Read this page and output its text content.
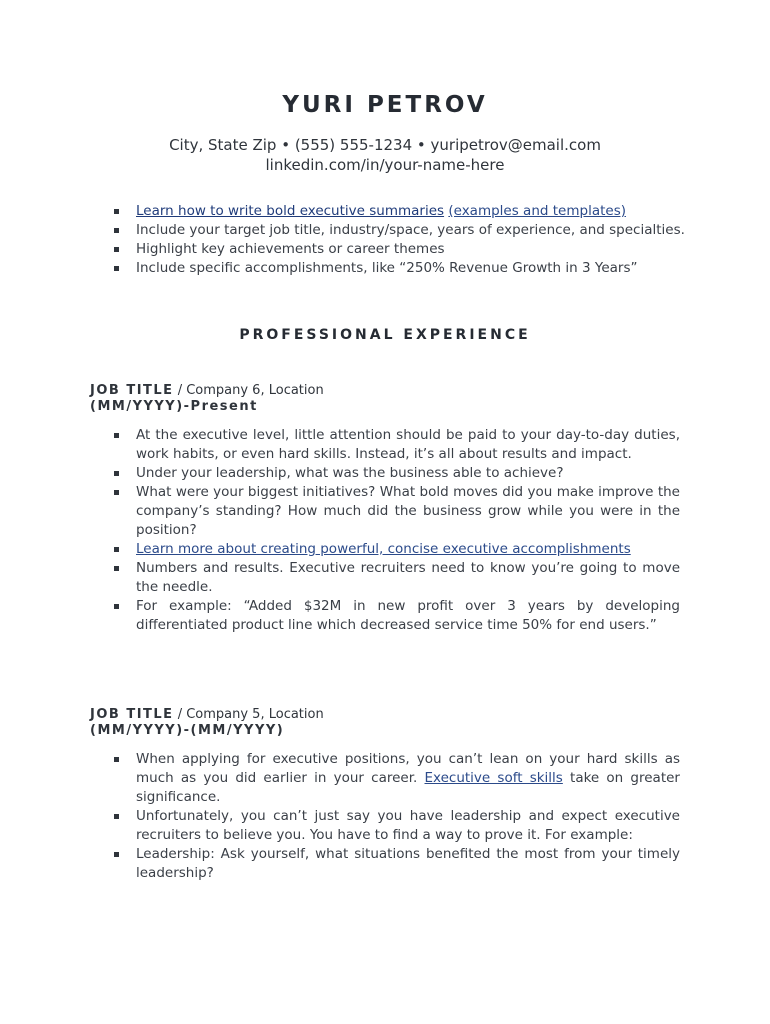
YURI PETROV
City, State Zip • (555) 555-1234 • yuripetrov@email.com
linkedin.com/in/your-name-here
Learn how to write bold executive summaries (examples and templates)
Include your target job title, industry/space, years of experience, and specialties.
Highlight key achievements or career themes
Include specific accomplishments, like “250% Revenue Growth in 3 Years”
PROFESSIONAL EXPERIENCE
JOB TITLE / Company 6, Location
(MM/YYYY)-Present
At the executive level, little attention should be paid to your day-to-day duties, work habits, or even hard skills. Instead, it’s all about results and impact.
Under your leadership, what was the business able to achieve?
What were your biggest initiatives? What bold moves did you make improve the company’s standing? How much did the business grow while you were in the position?
Learn more about creating powerful, concise executive accomplishments
Numbers and results. Executive recruiters need to know you’re going to move the needle.
For example: “Added $32M in new profit over 3 years by developing differentiated product line which decreased service time 50% for end users.”
JOB TITLE / Company 5, Location
(MM/YYYY)-(MM/YYYY)
When applying for executive positions, you can’t lean on your hard skills as much as you did earlier in your career. Executive soft skills take on greater significance.
Unfortunately, you can’t just say you have leadership and expect executive recruiters to believe you. You have to find a way to prove it. For example:
Leadership: Ask yourself, what situations benefited the most from your timely leadership?
